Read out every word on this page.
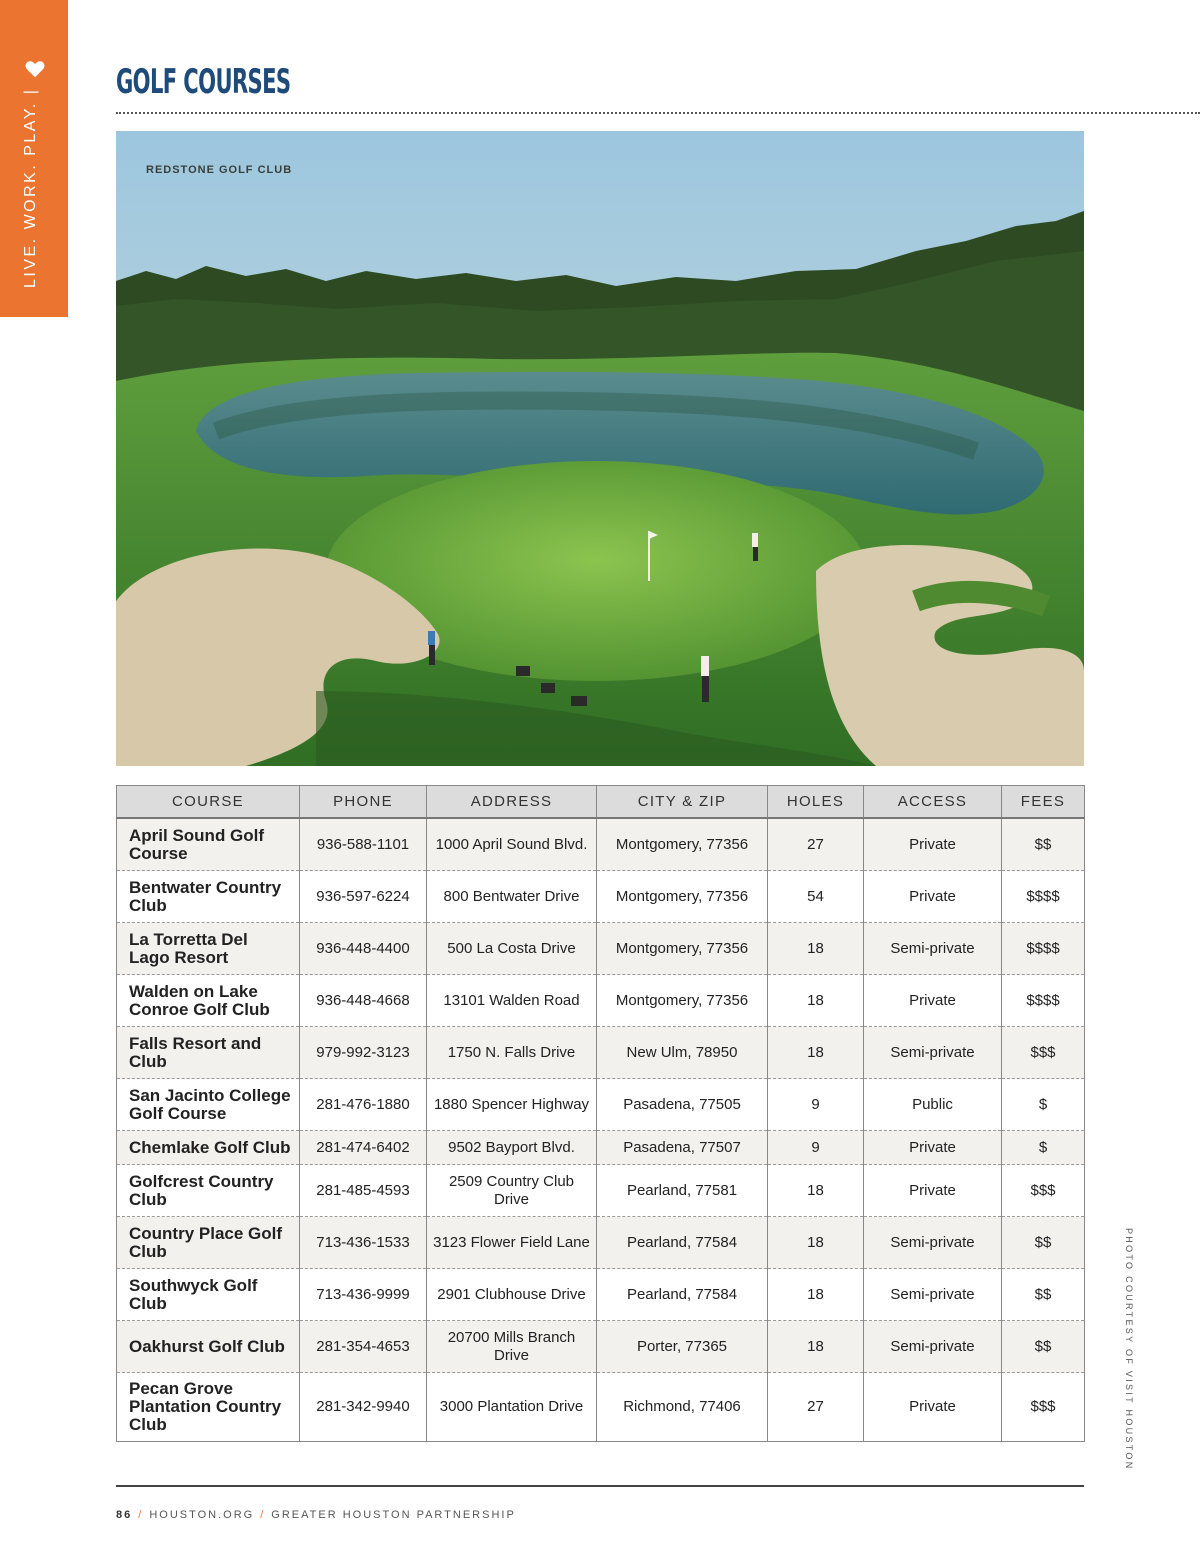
LIVE. WORK. PLAY. |
GOLF COURSES
REDSTONE GOLF CLUB
PHOTO COURTESY OF VISIT HOUSTON
COURSE	PHONE	ADDRESS	CITY & ZIP	HOLES	ACCESS	FEES
April Sound Golf Course	936-588-1101	1000 April Sound Blvd.	Montgomery, 77356	27	Private	$$
Bentwater Country Club	936-597-6224	800 Bentwater Drive	Montgomery, 77356	54	Private	$$$$
La Torretta Del Lago Resort	936-448-4400	500 La Costa Drive	Montgomery, 77356	18	Semi-private	$$$$
Walden on Lake Conroe Golf Club	936-448-4668	13101 Walden Road	Montgomery, 77356	18	Private	$$$$
Falls Resort and Club	979-992-3123	1750 N. Falls Drive	New Ulm, 78950	18	Semi-private	$$$
San Jacinto College Golf Course	281-476-1880	1880 Spencer Highway	Pasadena, 77505	9	Public	$
Chemlake Golf Club	281-474-6402	9502 Bayport Blvd.	Pasadena, 77507	9	Private	$
Golfcrest Country Club	281-485-4593	2509 Country Club Drive	Pearland, 77581	18	Private	$$$
Country Place Golf Club	713-436-1533	3123 Flower Field Lane	Pearland, 77584	18	Semi-private	$$
Southwyck Golf Club	713-436-9999	2901 Clubhouse Drive	Pearland, 77584	18	Semi-private	$$
Oakhurst Golf Club	281-354-4653	20700 Mills Branch Drive	Porter, 77365	18	Semi-private	$$
Pecan Grove Plantation Country Club	281-342-9940	3000 Plantation Drive	Richmond, 77406	27	Private	$$$
86 / HOUSTON.ORG / GREATER HOUSTON PARTNERSHIP
